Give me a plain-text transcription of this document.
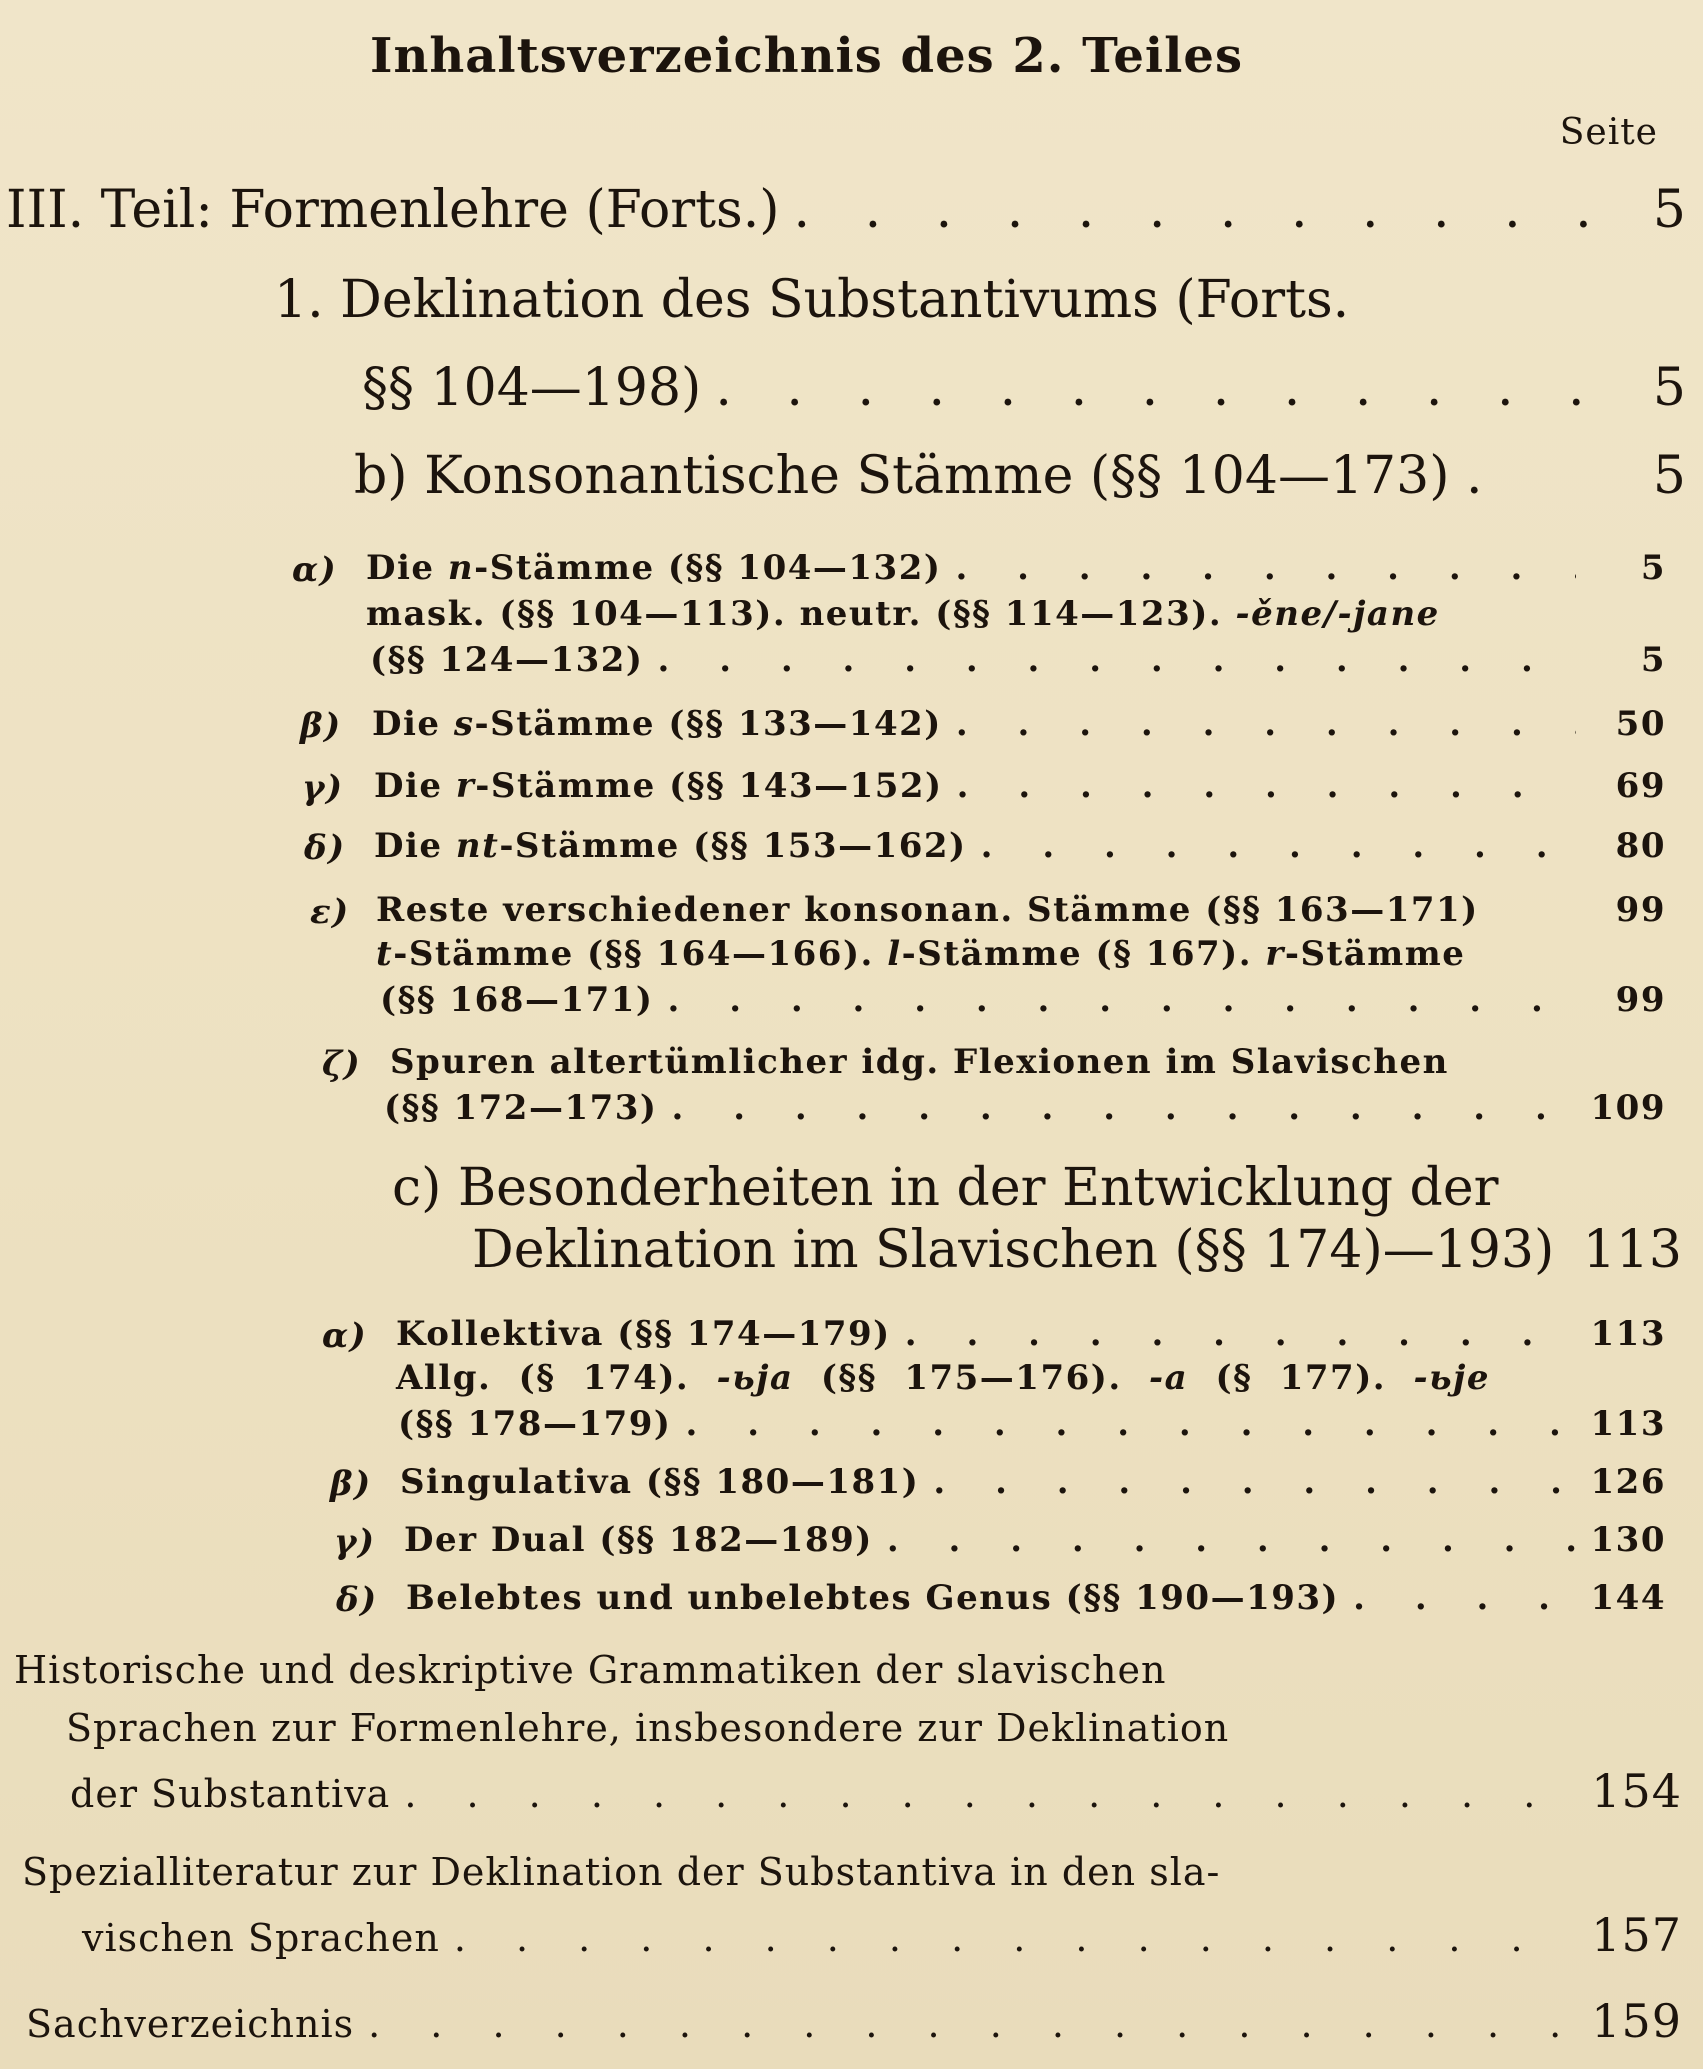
Inhaltsverzeichnis des 2. Teiles
Seite
III. Teil: Formenlehre (Forts.) . . .	5
1. Deklination des Substantivums (Forts.
§§ 104—198) . . .	5
b) Konsonantische Stämme (§§ 104—173) .	5
α) Die n-Stämme (§§ 104—132) . . .	5
mask. (§§ 104—113). neutr. (§§ 114—123). -ěne/-jane
(§§ 124—132) . . .	5
β) Die s-Stämme (§§ 133—142) . . .	50
γ) Die r-Stämme (§§ 143—152) . . .	69
δ) Die nt-Stämme (§§ 153—162) . . .	80
ε) Reste verschiedener konsonan. Stämme (§§ 163—171)	99
t-Stämme (§§ 164—166). l-Stämme (§ 167). r-Stämme
(§§ 168—171) . . .	99
ζ) Spuren altertümlicher idg. Flexionen im Slavischen
(§§ 172—173) . . .	109
c) Besonderheiten in der Entwicklung der
Deklination im Slavischen (§§ 174)—193) 113
α) Kollektiva (§§ 174—179) . . .	113
Allg. (§ 174). -ьja (§§ 175—176). -a (§ 177). -ьje
(§§ 178—179) . . .	113
β) Singulativa (§§ 180—181) . . .	126
γ) Der Dual (§§ 182—189) . . .	130
δ) Belebtes und unbelebtes Genus (§§ 190—193) . . .	144
Historische und deskriptive Grammatiken der slavischen
Sprachen zur Formenlehre, insbesondere zur Deklination
der Substantiva . . .	154
Spezialliteratur zur Deklination der Substantiva in den sla-
vischen Sprachen . . .	157
Sachverzeichnis . . .	159
